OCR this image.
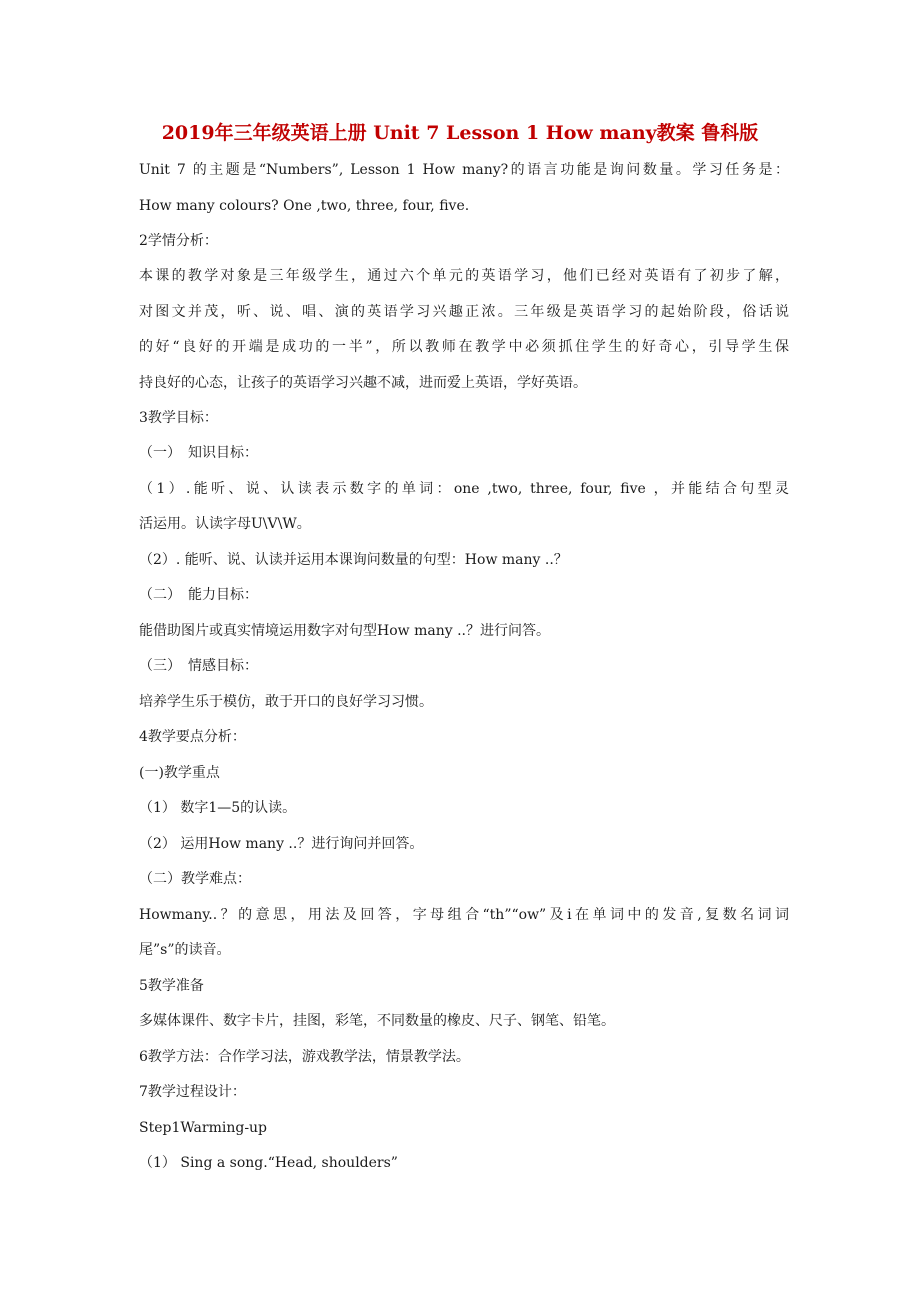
2019年三年级英语上册 Unit 7 Lesson 1 How many教案 鲁科版
Unit 7 的主题是“Numbers”, Lesson 1 How many?的语言功能是询问数量。学习任务是：
How many colours? One ,two, three, four, five.
2学情分析：
本课的教学对象是三年级学生，通过六个单元的英语学习，他们已经对英语有了初步了解，
对图文并茂，听、说、唱、演的英语学习兴趣正浓。三年级是英语学习的起始阶段，俗话说
的好“良好的开端是成功的一半”，所以教师在教学中必须抓住学生的好奇心，引导学生保
持良好的心态，让孩子的英语学习兴趣不减，进而爱上英语，学好英语。
3教学目标：
（一）　知识目标：
（1）.能听、说、认读表示数字的单词：one ,two, three, four, five ，并能结合句型灵
活运用。认读字母U\V\W。
（2）. 能听、说、认读并运用本课询问数量的句型：How many ..？
（二）　能力目标：
能借助图片或真实情境运用数字对句型How many ..？进行问答。
（三）　情感目标：
培养学生乐于模仿，敢于开口的良好学习习惯。
4教学要点分析：
(一)教学重点
（1） 数字1—5的认读。
（2） 运用How many ..？进行询问并回答。
（二）教学难点：
Howmany..？的意思，用法及回答，字母组合“th”“ow”及i在单词中的发音,复数名词词
尾”s”的读音。
5教学准备
多媒体课件、数字卡片，挂图，彩笔，不同数量的橡皮、尺子、钢笔、铅笔。
6教学方法：合作学习法，游戏教学法，情景教学法。
7教学过程设计：
Step1Warming-up
（1） Sing a song.“Head, shoulders”
